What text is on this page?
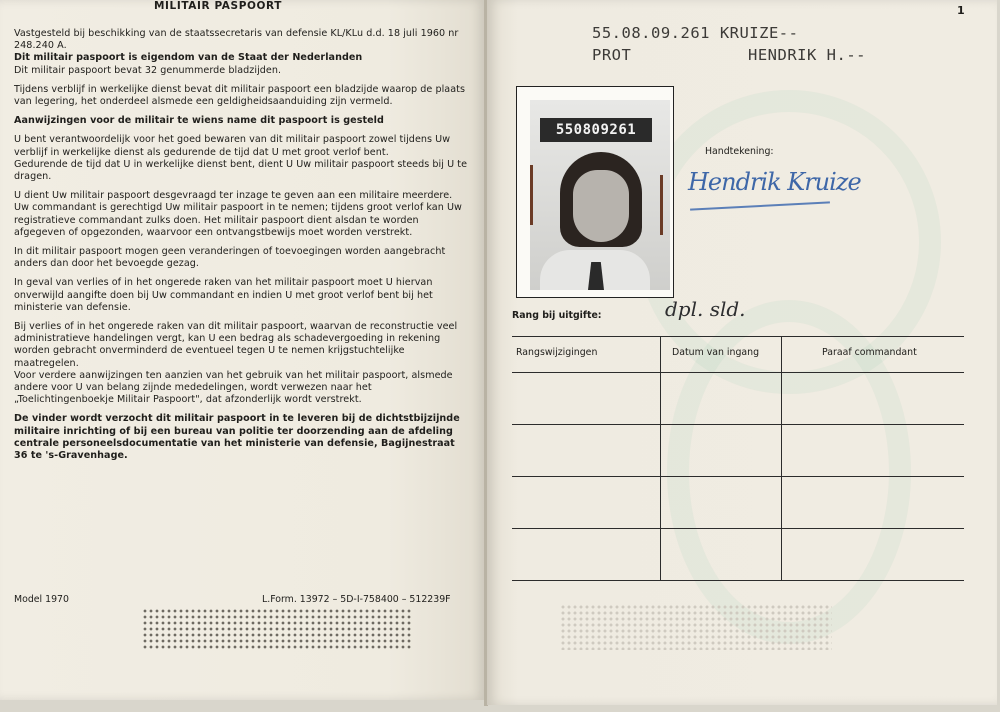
MILITAIR PASPOORT

Vastgesteld bij beschikking van de staatssecretaris van defensie KL/KLu d.d. 18 juli 1960 nr 248.240 A.

Dit militair paspoort is eigendom van de Staat der Nederlanden

Dit militair paspoort bevat 32 genummerde bladzijden.

Tijdens verblijf in werkelijke dienst bevat dit militair paspoort een bladzijde waarop de plaats van legering, het onderdeel alsmede een geldigheidsaanduiding zijn vermeld.

Aanwijzingen voor de militair te wiens name dit paspoort is gesteld

U bent verantwoordelijk voor het goed bewaren van dit militair paspoort zowel tijdens Uw verblijf in werkelijke dienst als gedurende de tijd dat U met groot verlof bent.

Gedurende de tijd dat U in werkelijke dienst bent, dient U Uw militair paspoort steeds bij U te dragen.

U dient Uw militair paspoort desgevraagd ter inzage te geven aan een militaire meerdere. Uw commandant is gerechtigd Uw militair paspoort in te nemen; tijdens groot verlof kan Uw registratieve commandant zulks doen. Het militair paspoort dient alsdan te worden afgegeven of opgezonden, waarvoor een ontvangstbewijs moet worden verstrekt.

In dit militair paspoort mogen geen veranderingen of toevoegingen worden aangebracht anders dan door het bevoegde gezag.

In geval van verlies of in het ongerede raken van het militair paspoort moet U hiervan onverwijld aangifte doen bij Uw commandant en indien U met groot verlof bent bij het ministerie van defensie.

Bij verlies of in het ongerede raken van dit militair paspoort, waarvan de reconstructie veel administratieve handelingen vergt, kan U een bedrag als schadevergoeding in rekening worden gebracht onverminderd de eventueel tegen U te nemen krijgstuchtelijke maatregelen.

Voor verdere aanwijzingen ten aanzien van het gebruik van het militair paspoort, alsmede andere voor U van belang zijnde mededelingen, wordt verwezen naar het „Toelichtingenboekje Militair Paspoort", dat afzonderlijk wordt verstrekt.

De vinder wordt verzocht dit militair paspoort in te leveren bij de dichtstbijzijnde militaire inrichting of bij een bureau van politie ter doorzending aan de afdeling centrale personeelsdocumentatie van het ministerie van defensie, Bagijnestraat 36 te 's-Gravenhage.

Model 1970	L.Form. 13972 – 5D-I-758400 – 512239F
1
55.08.09.261 KRUIZE--
PROT	HENDRIK H.--
550809261
Handtekening:
Hendrik Kruize
Rang bij uitgifte:	dpl. sld.
Rangswijzigingen	Datum van ingang	Paraaf commandant
